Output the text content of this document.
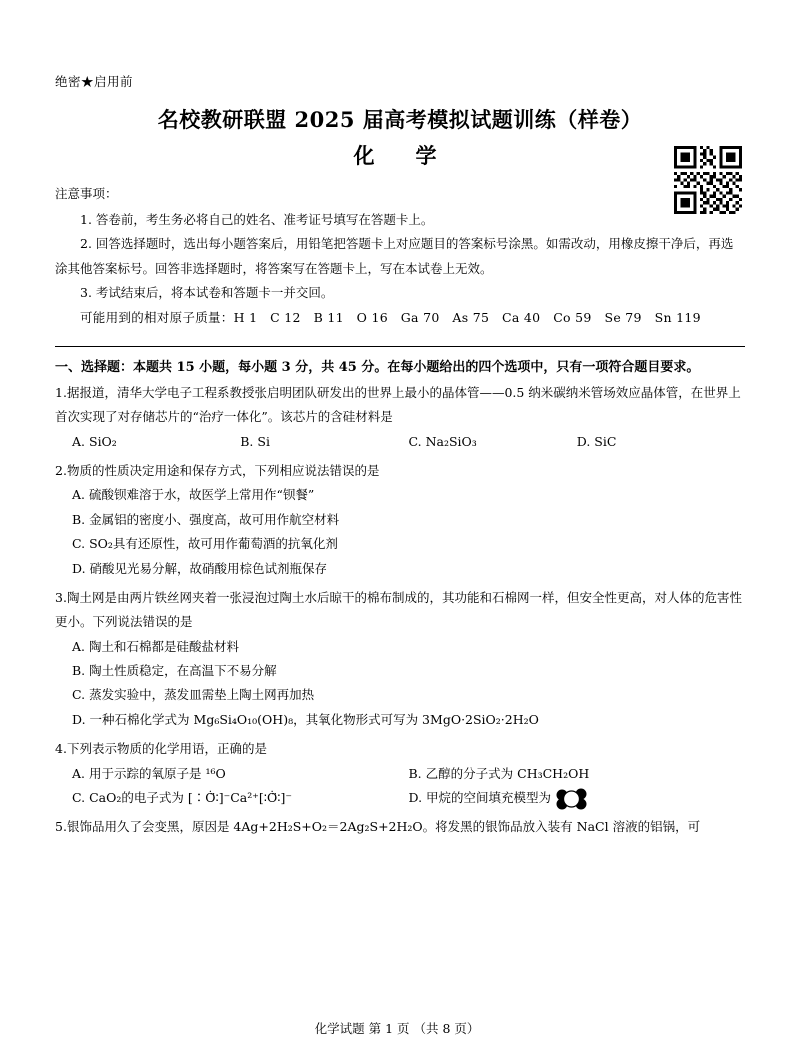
绝密★启用前
名校教研联盟 2025 届高考模拟试题训练（样卷）
化　学
注意事项：
1. 答卷前，考生务必将自己的姓名、准考证号填写在答题卡上。
2. 回答选择题时，选出每小题答案后，用铅笔把答题卡上对应题目的答案标号涂黑。如需改动，用橡皮擦干净后，再选涂其他答案标号。回答非选择题时，将答案写在答题卡上，写在本试卷上无效。
3. 考试结束后，将本试卷和答题卡一并交回。
可能用到的相对原子质量：H 1　C 12　B 11　O 16　Ga 70　As 75　Ca 40　Co 59　Se 79　Sn 119
一、选择题：本题共 15 小题，每小题 3 分，共 45 分。在每小题给出的四个选项中，只有一项符合题目要求。
1.据报道，清华大学电子工程系教授张启明团队研发出的世界上最小的晶体管——0.5 纳米碳纳米管场效应晶体管，在世界上首次实现了对存储芯片的“治疗一体化”。该芯片的含硅材料是
A. SiO₂	B. Si	C. Na₂SiO₃	D. SiC
2.物质的性质决定用途和保存方式，下列相应说法错误的是
A. 硫酸钡难溶于水，故医学上常用作“钡餐”
B. 金属铝的密度小、强度高，故可用作航空材料
C. SO₂具有还原性，故可用作葡萄酒的抗氧化剂
D. 硝酸见光易分解，故硝酸用棕色试剂瓶保存
3.陶土网是由两片铁丝网夹着一张浸泡过陶土水后晾干的棉布制成的，其功能和石棉网一样，但安全性更高，对人体的危害性更小。下列说法错误的是
A. 陶土和石棉都是硅酸盐材料
B. 陶土性质稳定，在高温下不易分解
C. 蒸发实验中，蒸发皿需垫上陶土网再加热
D. 一种石棉化学式为 Mg₆Si₄O₁₀(OH)₈，其氧化物形式可写为 3MgO·2SiO₂·2H₂O
4.下列表示物质的化学用语，正确的是
A. 用于示踪的氧原子是 ¹⁶O	B. 乙醇的分子式为 CH₃CH₂OH
C. CaO₂的电子式为 [∶Ȯ̈∶]⁻Ca²⁺[∶Ȯ̈∶]⁻	D. 甲烷的空间填充模型为
5.银饰品用久了会变黑，原因是 4Ag+2H₂S+O₂＝2Ag₂S+2H₂O。将发黑的银饰品放入装有 NaCl 溶液的铝锅，可
化学试题 第 1 页 （共 8 页）
